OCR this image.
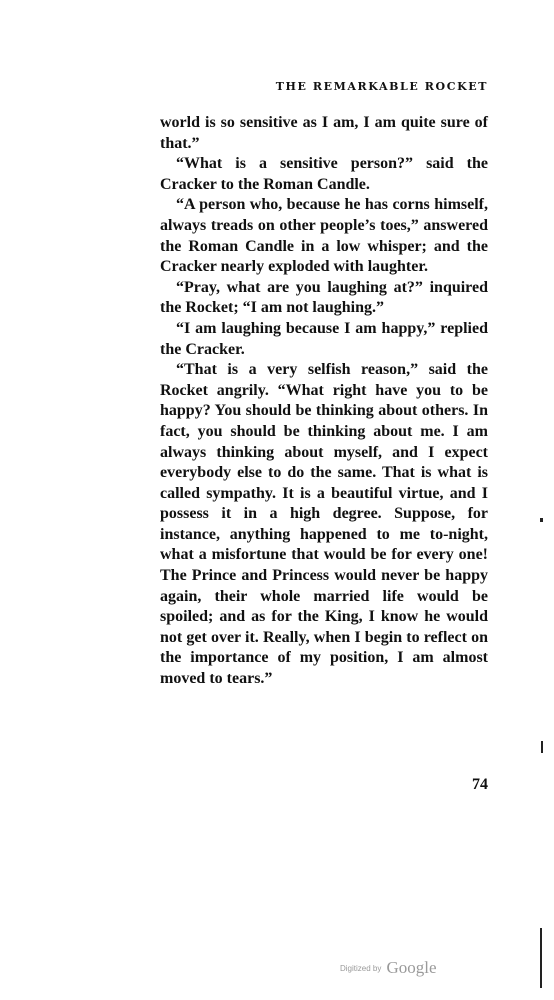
THE REMARKABLE ROCKET

world is so sensitive as I am, I am quite sure of that.”

“What is a sensitive person?” said the Cracker to the Roman Candle.

“A person who, because he has corns himself, always treads on other people’s toes,” answered the Roman Candle in a low whisper; and the Cracker nearly exploded with laughter.

“Pray, what are you laughing at?” inquired the Rocket; “I am not laughing.”

“I am laughing because I am happy,” replied the Cracker.

“That is a very selfish reason,” said the Rocket angrily. “What right have you to be happy? You should be thinking about others. In fact, you should be thinking about me. I am always thinking about myself, and I expect everybody else to do the same. That is what is called sympathy. It is a beautiful virtue, and I possess it in a high degree. Suppose, for instance, anything happened to me to-night, what a misfortune that would be for every one! The Prince and Princess would never be happy again, their whole married life would be spoiled; and as for the King, I know he would not get over it. Really, when I begin to reflect on the importance of my position, I am almost moved to tears.”

74
Digitized by Google
